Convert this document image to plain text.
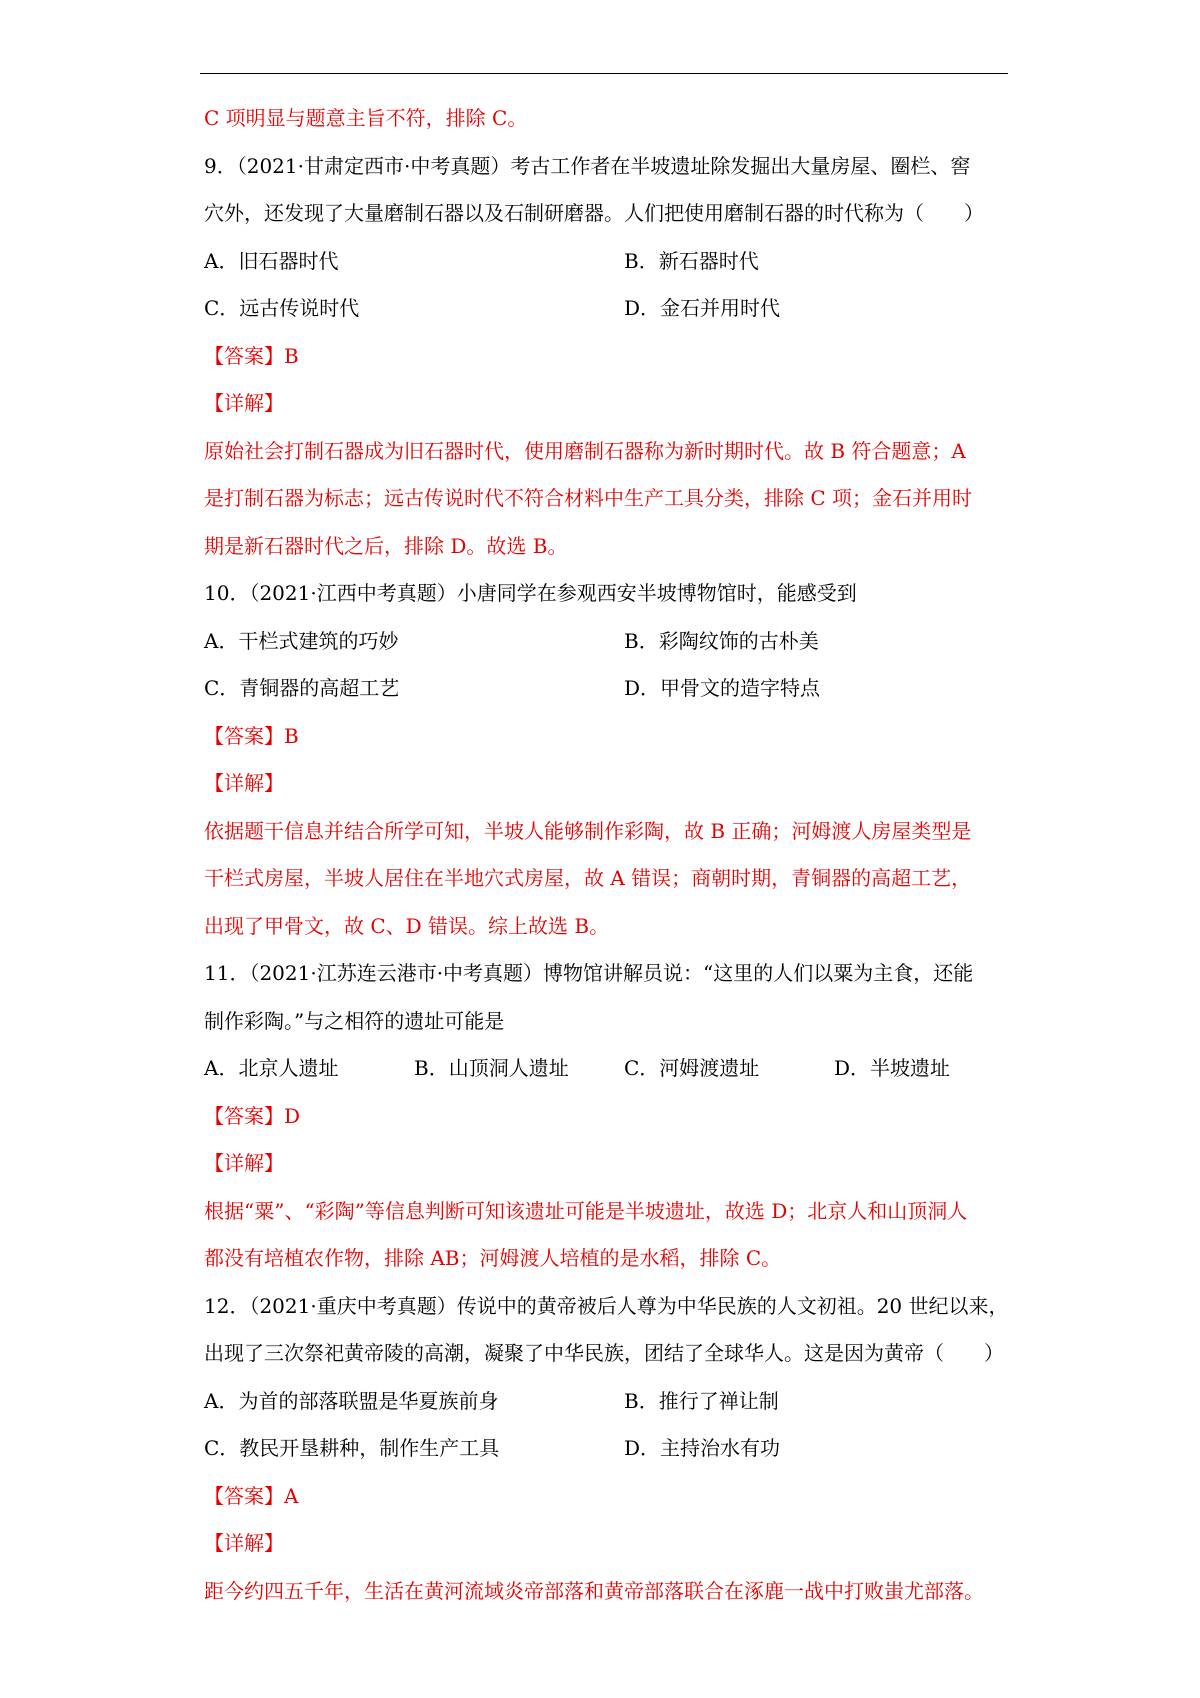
C 项明显与题意主旨不符，排除 C。
9．（2021·甘肃定西市·中考真题）考古工作者在半坡遗址除发掘出大量房屋、圈栏、窖
穴外，还发现了大量磨制石器以及石制研磨器。人们把使用磨制石器的时代称为（　　）
A．旧石器时代	B．新石器时代
C．远古传说时代	D．金石并用时代
【答案】B
【详解】
原始社会打制石器成为旧石器时代，使用磨制石器称为新时期时代。故 B 符合题意；A
是打制石器为标志；远古传说时代不符合材料中生产工具分类，排除 C 项；金石并用时
期是新石器时代之后，排除 D。故选 B。
10．（2021·江西中考真题）小唐同学在参观西安半坡博物馆时，能感受到
A．干栏式建筑的巧妙	B．彩陶纹饰的古朴美
C．青铜器的高超工艺	D．甲骨文的造字特点
【答案】B
【详解】
依据题干信息并结合所学可知，半坡人能够制作彩陶，故 B 正确；河姆渡人房屋类型是
干栏式房屋，半坡人居住在半地穴式房屋，故 A 错误；商朝时期，青铜器的高超工艺，
出现了甲骨文，故 C、D 错误。综上故选 B。
11．（2021·江苏连云港市·中考真题）博物馆讲解员说：“这里的人们以粟为主食，还能
制作彩陶。”与之相符的遗址可能是
A．北京人遗址	B．山顶洞人遗址	C．河姆渡遗址	D．半坡遗址
【答案】D
【详解】
根据“粟”、“彩陶”等信息判断可知该遗址可能是半坡遗址，故选 D；北京人和山顶洞人
都没有培植农作物，排除 AB；河姆渡人培植的是水稻，排除 C。
12．（2021·重庆中考真题）传说中的黄帝被后人尊为中华民族的人文初祖。20 世纪以来，
出现了三次祭祀黄帝陵的高潮，凝聚了中华民族，团结了全球华人。这是因为黄帝（　　）
A．为首的部落联盟是华夏族前身	B．推行了禅让制
C．教民开垦耕种，制作生产工具	D．主持治水有功
【答案】A
【详解】
距今约四五千年，生活在黄河流域炎帝部落和黄帝部落联合在涿鹿一战中打败蚩尤部落。
